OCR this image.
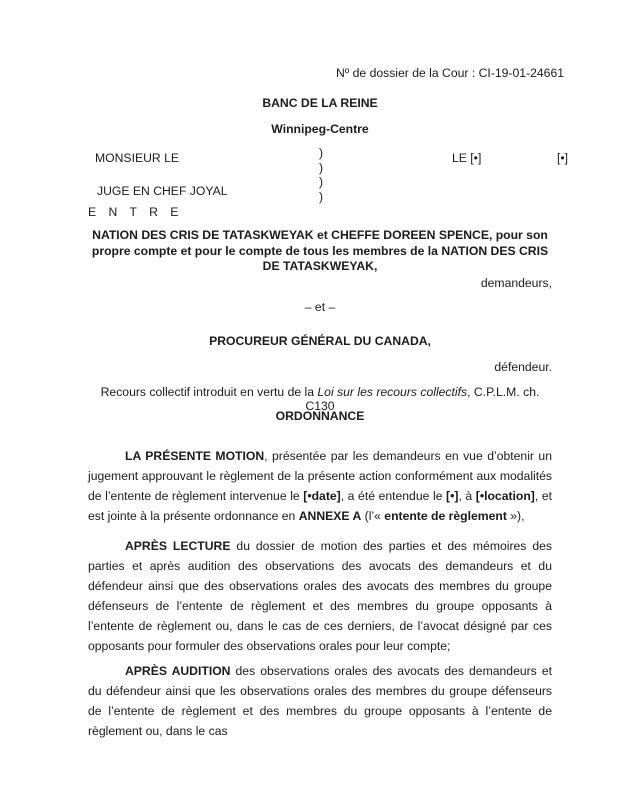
Nº de dossier de la Cour : CI-19-01-24661
BANC DE LA REINE
Winnipeg-Centre
MONSIEUR LE
JUGE EN CHEF JOYAL
)
)
)
)
LE [•]	[•]
E N T R E
NATION DES CRIS DE TATASKWEYAK et CHEFFE DOREEN SPENCE, pour son propre compte et pour le compte de tous les membres de la NATION DES CRIS DE TATASKWEYAK,
demandeurs,
– et –
PROCUREUR GÉNÉRAL DU CANADA,
défendeur.
Recours collectif introduit en vertu de la Loi sur les recours collectifs, C.P.L.M. ch. C130
ORDONNANCE

LA PRÉSENTE MOTION, présentée par les demandeurs en vue d’obtenir un jugement approuvant le règlement de la présente action conformément aux modalités de l’entente de règlement intervenue le [•date], a été entendue le [•], à [•location], et est jointe à la présente ordonnance en ANNEXE A (l’« entente de règlement »),

APRÈS LECTURE du dossier de motion des parties et des mémoires des parties et après audition des observations des avocats des demandeurs et du défendeur ainsi que des observations orales des avocats des membres du groupe défenseurs de l’entente de règlement et des membres du groupe opposants à l’entente de règlement ou, dans le cas de ces derniers, de l’avocat désigné par ces opposants pour formuler des observations orales pour leur compte;

APRÈS AUDITION des observations orales des avocats des demandeurs et du défendeur ainsi que les observations orales des membres du groupe défenseurs de l’entente de règlement et des membres du groupe opposants à l’entente de règlement ou, dans le cas
